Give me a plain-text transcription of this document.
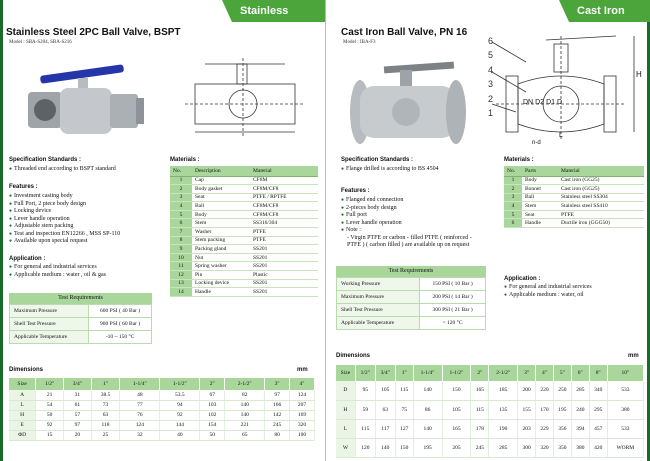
Stainless Steel Valv
Stainless Steel 2PC Ball Valve, BSPT
Model : SBA-S204, SBA-S216
Specification Standards :
● Threaded end according to BSPT standard
Features :
● Investment casting body
● Full Port, 2 piece body design
● Locking device
● Lever handle operation
● Adjustable stem packing
● Test and inspection EN12266 , MSS SP-110
● Available upon special request
Application :
● For general and industrial services
● Applicable medium : water , oil & gas
Materials :
No.	Description	Material
1	Cap	CF8M
2	Body gasket	CF8M/CF8
3	Seat	PTFE / RPTFE
4	Ball	CF8M/CF8
5	Body	CF8M/CF8
6	Stem	SS316/304
7	Washer	PTFE
8	Stem packing	PTFE
9	Packing gland	SS201
10	Nut	SS201
11	Spring washer	SS201
12	Pin	Plastic
13	Locking device	SS201
14	Handle	SS201
Test Requirements
Maximum Pressure	600 PSI ( 40 Bar )
Shell Test Pressure	900 PSI ( 60 Bar )
Applicable Temperature	-10 ~ 150 °C
Dimensions	mm
Size	1/2″	3/4″	1″	1-1/4″	1-1/2″	2″	2-1/2″	3″	4″
A	21	31	38.5	48	53.5	67	82	97	124
L	54	61	73	77	94	103	140	166	207
H	50	57	63	76	92	102	140	142	169
E	92	97	118	124	144	154	221	245	320
ΦD	15	20	25	32	40	50	65	80	100
Cast Iron Valve
Cast Iron Ball Valve, PN 16
Model : IBA-F3	6
5
4
3
2
1
H
DN D2 D1 D
L
n-d
Specification Standards :
● Flange drilled is according to BS 4504
Features :
● Flanged end connection
● 2-pieces body design
● Full port
● Lever handle operation
● Note :
- Virgin PTFE or carbon - filled PTFE ( reinforced -
PTFE ) ( carbon filled ) are available up on request
Test Requirements
Working Pressure	150 PSI ( 10 Bar )
Maximum Pressure	200 PSI ( 14 Bar )
Shell Test Pressure	300 PSI ( 21 Bar )
Applicable Temperature	< 120 °C
Materials :
No.	Parts	Material
1	Body	Cast iron (GG25)
2	Bonnet	Cast iron (GG25)
3	Ball	Stainless steel SS304
4	Stem	Stainless steel SS410
5	Seat	PTFE
6	Handle	Ductile iron (GGG50)
Application :
● For general and industrial services
● Applicable medium : water, oil
Dimensions	mm
Size	1/2″	3/4″	1″	1-1/4″	1-1/2″	2″	2-1/2″	3″	4″	5″	6″	8″	10″
D	95	105	115	140	150	165	185	200	220	250	285	340	533
H	59	63	75	86	105	115	135	155	170	195	240	295	380
L	115	117	127	140	165	178	190	203	229	356	394	457	533
W	120	140	150	195	205	245	285	300	320	350	380	420	WORM
